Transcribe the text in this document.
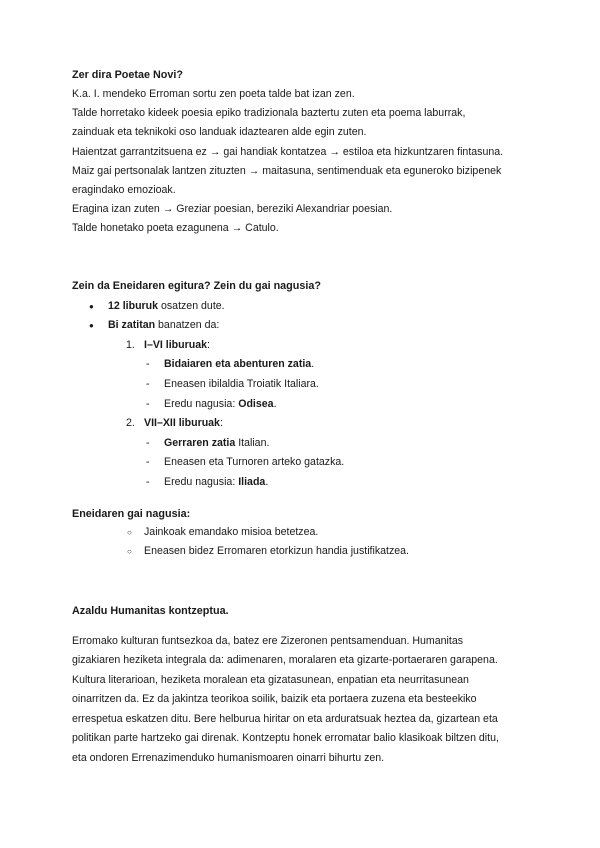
Zer dira Poetae Novi?

K.a. I. mendeko Erroman sortu zen poeta talde bat izan zen.

Talde horretako kideek poesia epiko tradizionala baztertu zuten eta poema laburrak,

zainduak eta teknikoki oso landuak idaztearen alde egin zuten.

Haientzat garrantzitsuena ez → gai handiak kontatzea → estiloa eta hizkuntzaren fintasuna.

Maiz gai pertsonalak lantzen zituzten → maitasuna, sentimenduak eta eguneroko bizipenek

eragindako emozioak.

Eragina izan zuten → Greziar poesian, bereziki Alexandriar poesian.

Talde honetako poeta ezagunena → Catulo.

Zein da Eneidaren egitura? Zein du gai nagusia?

● 12 liburuk osatzen dute.
● Bi zatitan banatzen da:
1. I–VI liburuak:
- Bidaiaren eta abenturen zatia.
- Eneasen ibilaldia Troiatik Italiara.
- Eredu nagusia: Odisea.
2. VII–XII liburuak:
- Gerraren zatia Italian.
- Eneasen eta Turnoren arteko gatazka.
- Eredu nagusia: Iliada.

Eneidaren gai nagusia:

○ Jainkoak emandako misioa betetzea.
○ Eneasen bidez Erromaren etorkizun handia justifikatzea.

Azaldu Humanitas kontzeptua.

Erromako kulturan funtsezkoa da, batez ere Zizeronen pentsamenduan. Humanitas

gizakiaren heziketa integrala da: adimenaren, moralaren eta gizarte-portaeraren garapena.

Kultura literarioan, heziketa moralean eta gizatasunean, enpatian eta neurritasunean

oinarritzen da. Ez da jakintza teorikoa soilik, baizik eta portaera zuzena eta besteekiko

errespetua eskatzen ditu. Bere helburua hiritar on eta arduratsuak heztea da, gizartean eta

politikan parte hartzeko gai direnak. Kontzeptu honek erromatar balio klasikoak biltzen ditu,

eta ondoren Errenazimenduko humanismoaren oinarri bihurtu zen.
